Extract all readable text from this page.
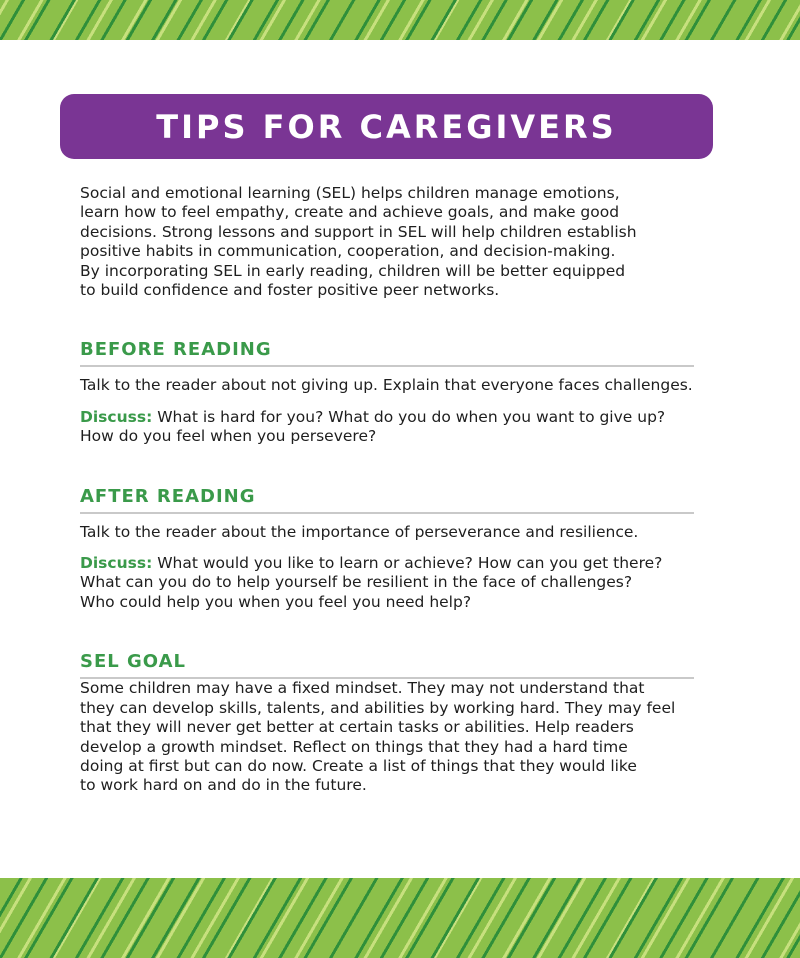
TIPS FOR CAREGIVERS

Social and emotional learning (SEL) helps children manage emotions,
learn how to feel empathy, create and achieve goals, and make good
decisions. Strong lessons and support in SEL will help children establish
positive habits in communication, cooperation, and decision-making.
By incorporating SEL in early reading, children will be better equipped
to build confidence and foster positive peer networks.

BEFORE READING

Talk to the reader about not giving up. Explain that everyone faces challenges.

Discuss: What is hard for you? What do you do when you want to give up?
How do you feel when you persevere?

AFTER READING

Talk to the reader about the importance of perseverance and resilience.

Discuss: What would you like to learn or achieve? How can you get there?
What can you do to help yourself be resilient in the face of challenges?
Who could help you when you feel you need help?

SEL GOAL

Some children may have a fixed mindset. They may not understand that
they can develop skills, talents, and abilities by working hard. They may feel
that they will never get better at certain tasks or abilities. Help readers
develop a growth mindset. Reflect on things that they had a hard time
doing at first but can do now. Create a list of things that they would like
to work hard on and do in the future.
